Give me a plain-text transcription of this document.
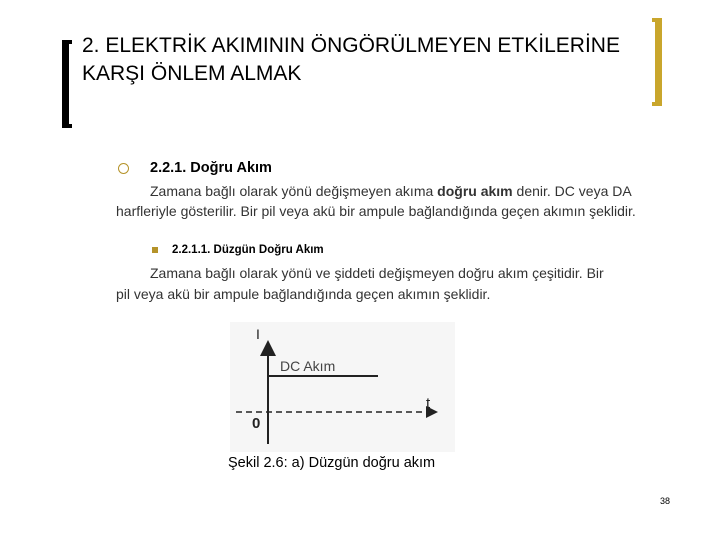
2. ELEKTRİK AKIMININ ÖNGÖRÜLMEYEN ETKİLERİNE KARŞI ÖNLEM ALMAK
2.2.1. Doğru Akım
Zamana bağlı olarak yönü değişmeyen akıma doğru akım denir. DC veya DA harfleriyle gösterilir. Bir pil veya akü bir ampule bağlandığında geçen akımın şeklidir.
2.2.1.1. Düzgün Doğru Akım
Zamana bağlı olarak yönü ve şiddeti değişmeyen doğru akım çeşitidir. Bir pil veya akü bir ampule bağlandığında geçen akımın şeklidir.
I
t
0
DC Akım
Şekil 2.6: a) Düzgün doğru akım
38
